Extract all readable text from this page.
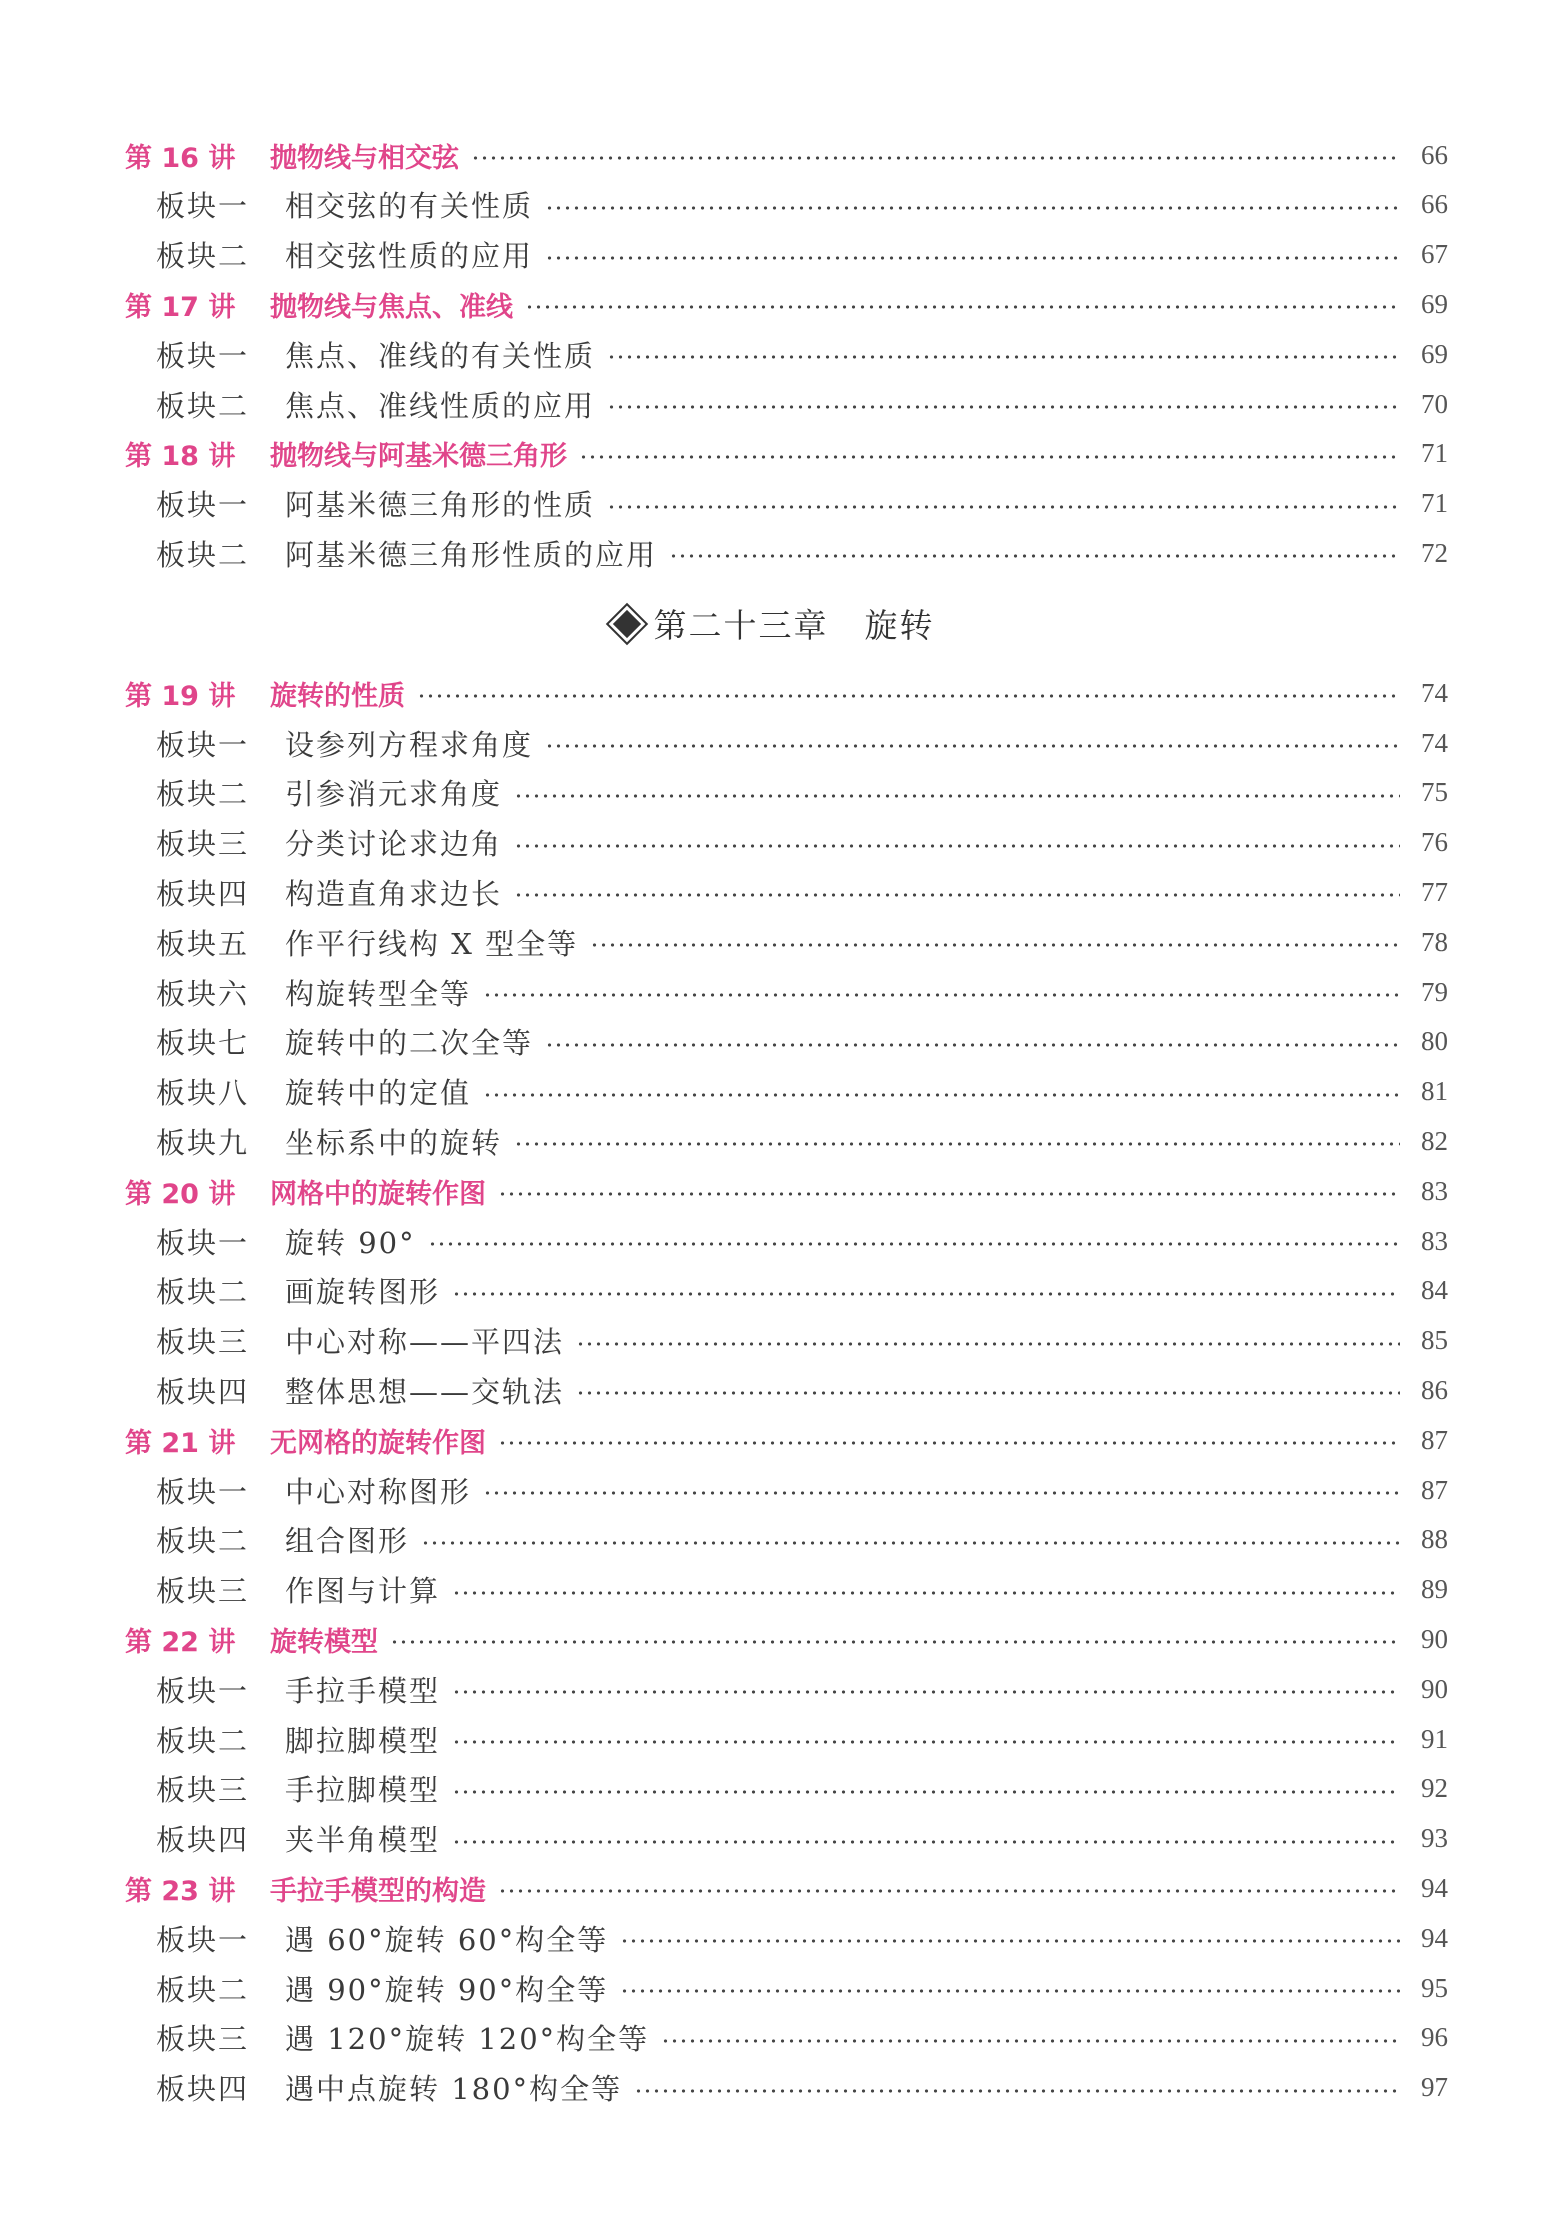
第二十三章 旋转
第 16 讲	抛物线与相交弦	66
板块一	相交弦的有关性质	66
板块二	相交弦性质的应用	67
第 17 讲	抛物线与焦点、准线	69
板块一	焦点、准线的有关性质	69
板块二	焦点、准线性质的应用	70
第 18 讲	抛物线与阿基米德三角形	71
板块一	阿基米德三角形的性质	71
板块二	阿基米德三角形性质的应用	72
第 19 讲	旋转的性质	74
板块一	设参列方程求角度	74
板块二	引参消元求角度	75
板块三	分类讨论求边角	76
板块四	构造直角求边长	77
板块五	作平行线构 X 型全等	78
板块六	构旋转型全等	79
板块七	旋转中的二次全等	80
板块八	旋转中的定值	81
板块九	坐标系中的旋转	82
第 20 讲	网格中的旋转作图	83
板块一	旋转 90°	83
板块二	画旋转图形	84
板块三	中心对称——平四法	85
板块四	整体思想——交轨法	86
第 21 讲	无网格的旋转作图	87
板块一	中心对称图形	87
板块二	组合图形	88
板块三	作图与计算	89
第 22 讲	旋转模型	90
板块一	手拉手模型	90
板块二	脚拉脚模型	91
板块三	手拉脚模型	92
板块四	夹半角模型	93
第 23 讲	手拉手模型的构造	94
板块一	遇 60°旋转 60°构全等	94
板块二	遇 90°旋转 90°构全等	95
板块三	遇 120°旋转 120°构全等	96
板块四	遇中点旋转 180°构全等	97
